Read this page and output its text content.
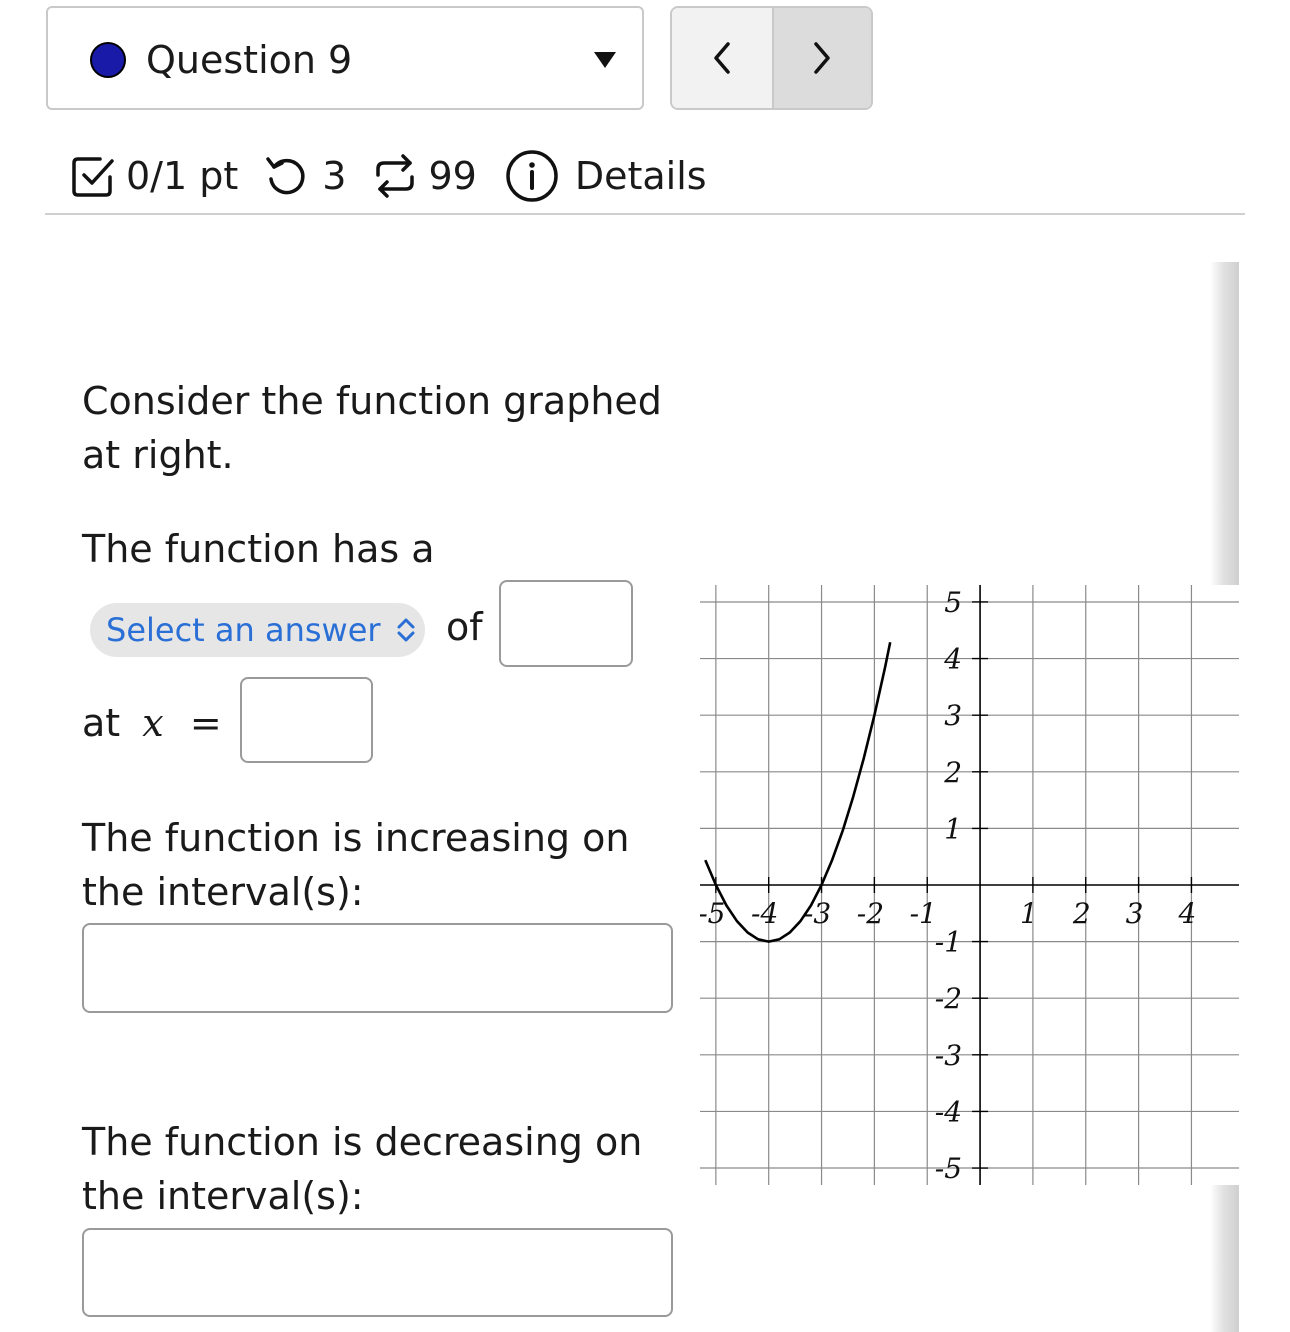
Question 9
0/1 pt 3 99	Details
Consider the function graphed
at right.
The function has a
Select an answer of
at x =
The function is increasing on
the interval(s):
The function is decreasing on
the interval(s):
-5 -4 -3 -2 -1	1 2 3 4
-5
-4
-3
-2
-1
1
2
3
4
5
